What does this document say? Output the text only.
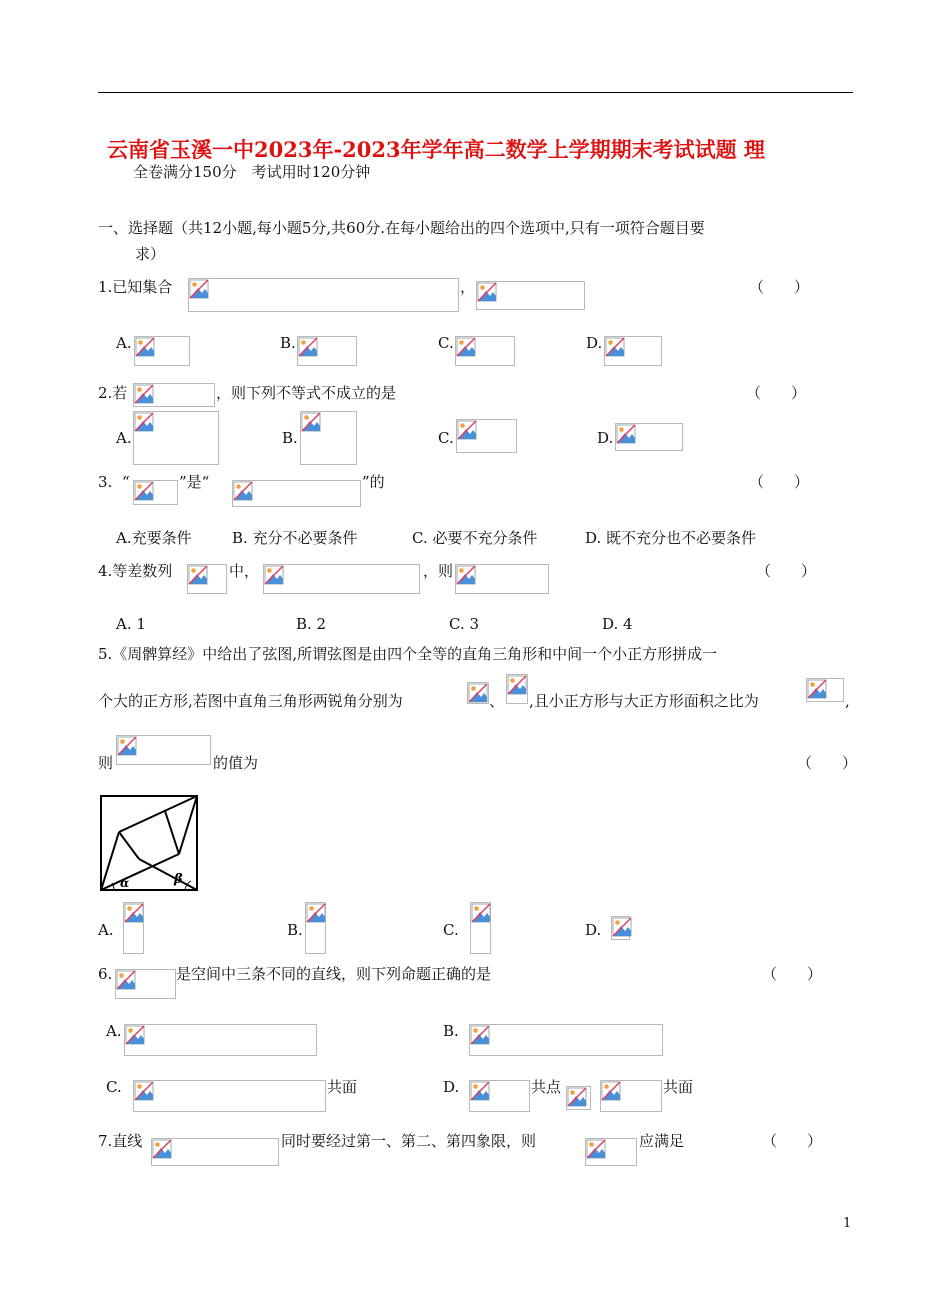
云南省玉溪一中2023年-2023年学年高二数学上学期期末考试试题 理
全卷满分150分　考试用时120分钟
一、选择题（共12小题,每小题5分,共60分.在每小题给出的四个选项中,只有一项符合题目要
求）
1.已知集合	，	（　　）
A.	B.	C.	D.
2.若	，则下列不等式不成立的是	（　　）
A.	B.	C.	D.
3. “	”是“	”的	（　　）
A.充要条件	B. 充分不必要条件	C. 必要不充分条件	D. 既不充分也不必要条件
4.等差数列	中，	，则	（　　）
A. 1	B. 2	C. 3	D. 4
5.《周髀算经》中给出了弦图,所谓弦图是由四个全等的直角三角形和中间一个小正方形拼成一
个大的正方形,若图中直角三角形两锐角分别为	、 ,且小正方形与大正方形面积之比为	,
则	的值为	（　　）
α	β
A.	B.	C.	D.
6.	是空间中三条不同的直线，则下列命题正确的是	（　　）
A.	B.
C.	共面	D.	共点	共面
7.直线	同时要经过第一、第二、第四象限，则	应满足	（　　）
1
